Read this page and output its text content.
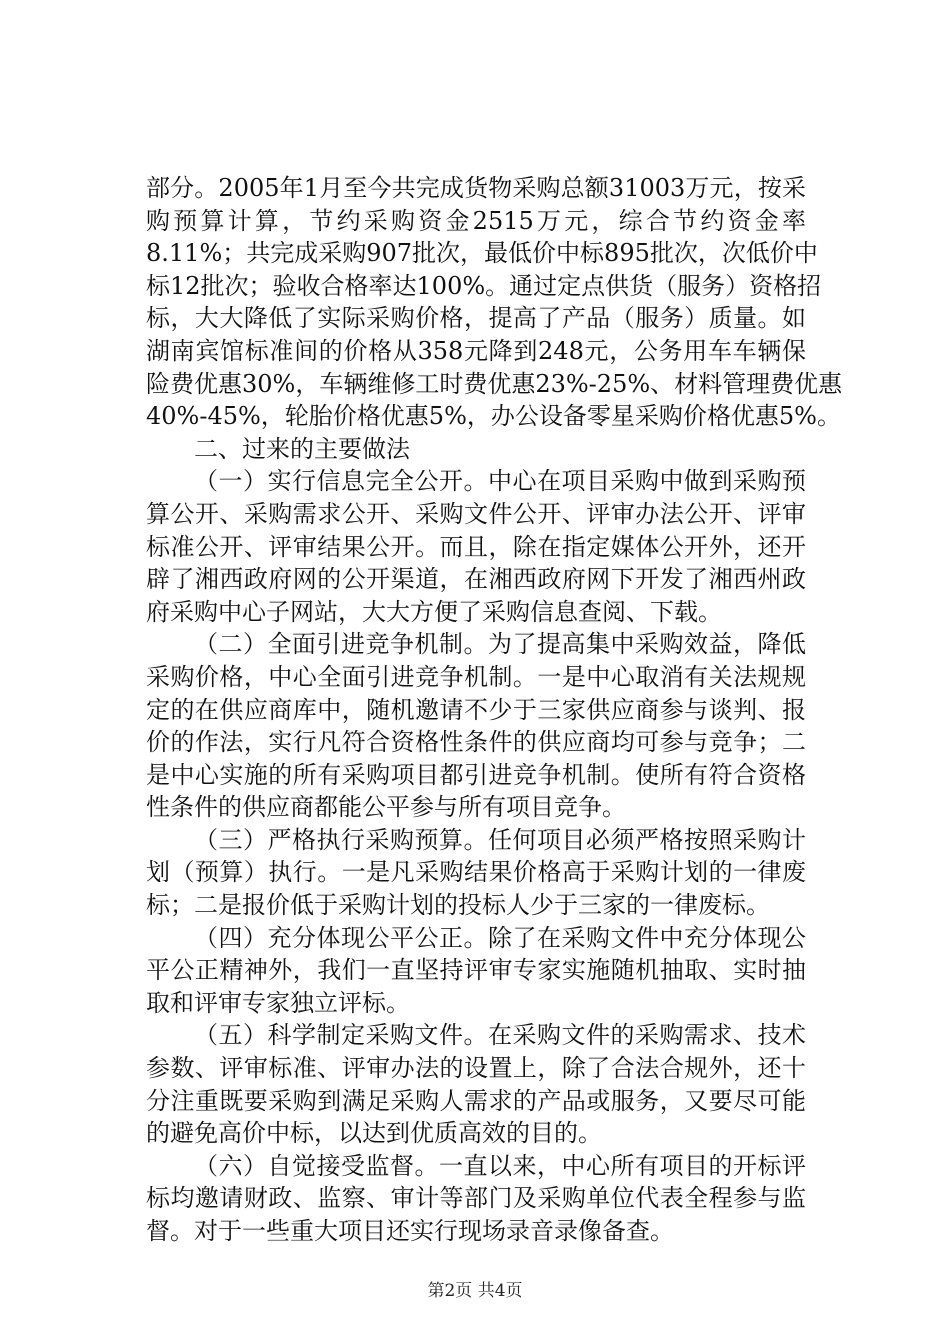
部分。2005年1月至今共完成货物采购总额31003万元，按采
购预算计算，节约采购资金2515万元，综合节约资金率
8.11%；共完成采购907批次，最低价中标895批次，次低价中
标12批次；验收合格率达100%。通过定点供货（服务）资格招
标，大大降低了实际采购价格，提高了产品（服务）质量。如
湖南宾馆标准间的价格从358元降到248元，公务用车车辆保
险费优惠30%，车辆维修工时费优惠23%-25%、材料管理费优惠
40%-45%，轮胎价格优惠5%，办公设备零星采购价格优惠5%。
二、过来的主要做法
（一）实行信息完全公开。中心在项目采购中做到采购预
算公开、采购需求公开、采购文件公开、评审办法公开、评审
标准公开、评审结果公开。而且，除在指定媒体公开外，还开
辟了湘西政府网的公开渠道，在湘西政府网下开发了湘西州政
府采购中心子网站，大大方便了采购信息查阅、下载。
（二）全面引进竞争机制。为了提高集中采购效益，降低
采购价格，中心全面引进竞争机制。一是中心取消有关法规规
定的在供应商库中，随机邀请不少于三家供应商参与谈判、报
价的作法，实行凡符合资格性条件的供应商均可参与竞争；二
是中心实施的所有采购项目都引进竞争机制。使所有符合资格
性条件的供应商都能公平参与所有项目竞争。
（三）严格执行采购预算。任何项目必须严格按照采购计
划（预算）执行。一是凡采购结果价格高于采购计划的一律废
标；二是报价低于采购计划的投标人少于三家的一律废标。
（四）充分体现公平公正。除了在采购文件中充分体现公
平公正精神外，我们一直坚持评审专家实施随机抽取、实时抽
取和评审专家独立评标。
（五）科学制定采购文件。在采购文件的采购需求、技术
参数、评审标准、评审办法的设置上，除了合法合规外，还十
分注重既要采购到满足采购人需求的产品或服务，又要尽可能
的避免高价中标，以达到优质高效的目的。
（六）自觉接受监督。一直以来，中心所有项目的开标评
标均邀请财政、监察、审计等部门及采购单位代表全程参与监
督。对于一些重大项目还实行现场录音录像备查。
第2页 共4页
